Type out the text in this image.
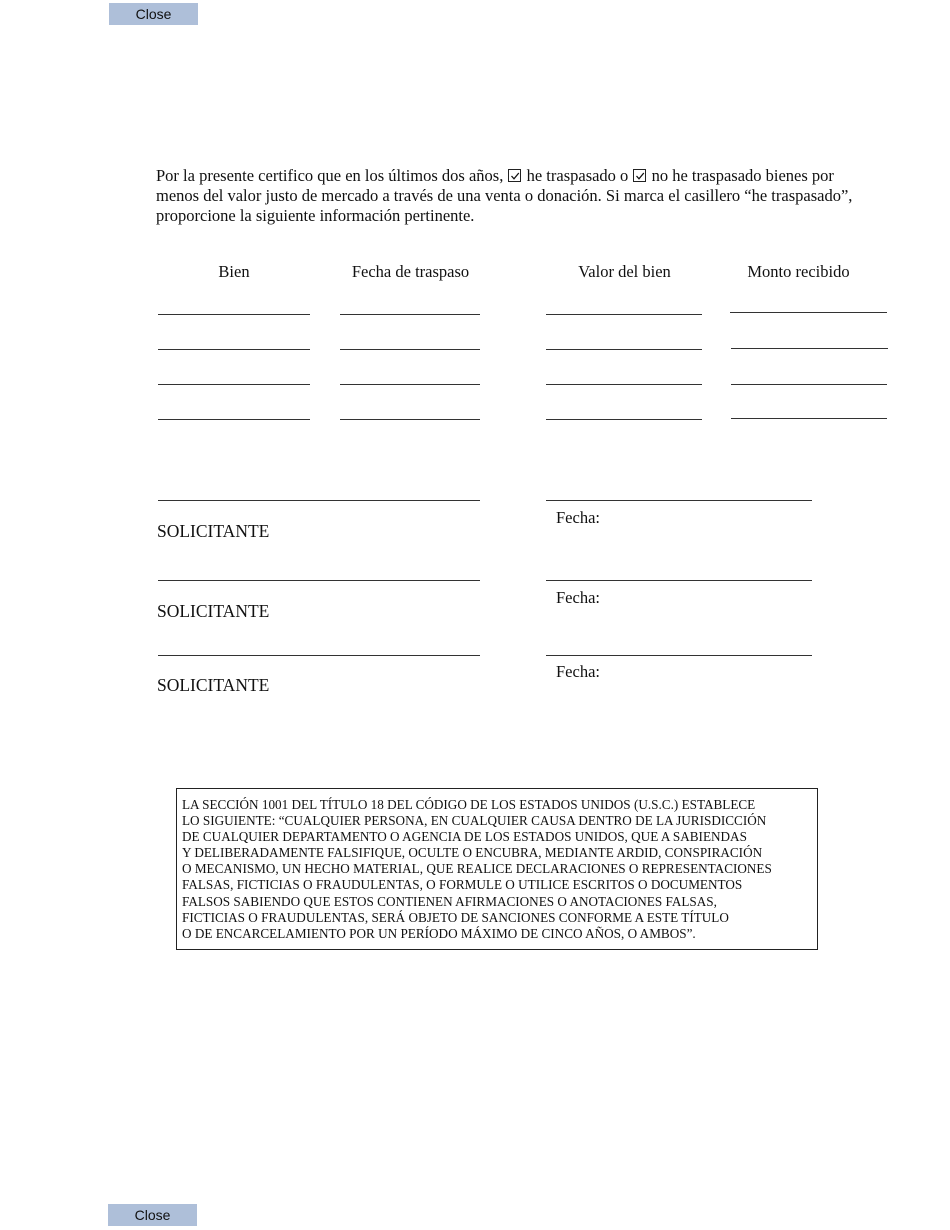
Close

Por la presente certifico que en los últimos dos años, he traspasado o no he traspasado bienes por
menos del valor justo de mercado a través de una venta o donación. Si marca el casillero “he traspasado”,
proporcione la siguiente información pertinente.

Bien	Fecha de traspaso	Valor del bien	Monto recibido
Fecha:
SOLICITANTE
Fecha:
SOLICITANTE
Fecha:
SOLICITANTE
LA SECCIÓN 1001 DEL TÍTULO 18 DEL CÓDIGO DE LOS ESTADOS UNIDOS (U.S.C.) ESTABLECE
LO SIGUIENTE: “CUALQUIER PERSONA, EN CUALQUIER CAUSA DENTRO DE LA JURISDICCIÓN
DE CUALQUIER DEPARTAMENTO O AGENCIA DE LOS ESTADOS UNIDOS, QUE A SABIENDAS
Y DELIBERADAMENTE FALSIFIQUE, OCULTE O ENCUBRA, MEDIANTE ARDID, CONSPIRACIÓN
O MECANISMO, UN HECHO MATERIAL, QUE REALICE DECLARACIONES O REPRESENTACIONES
FALSAS, FICTICIAS O FRAUDULENTAS, O FORMULE O UTILICE ESCRITOS O DOCUMENTOS
FALSOS SABIENDO QUE ESTOS CONTIENEN AFIRMACIONES O ANOTACIONES FALSAS,
FICTICIAS O FRAUDULENTAS, SERÁ OBJETO DE SANCIONES CONFORME A ESTE TÍTULO
O DE ENCARCELAMIENTO POR UN PERÍODO MÁXIMO DE CINCO AÑOS, O AMBOS”.
Close
